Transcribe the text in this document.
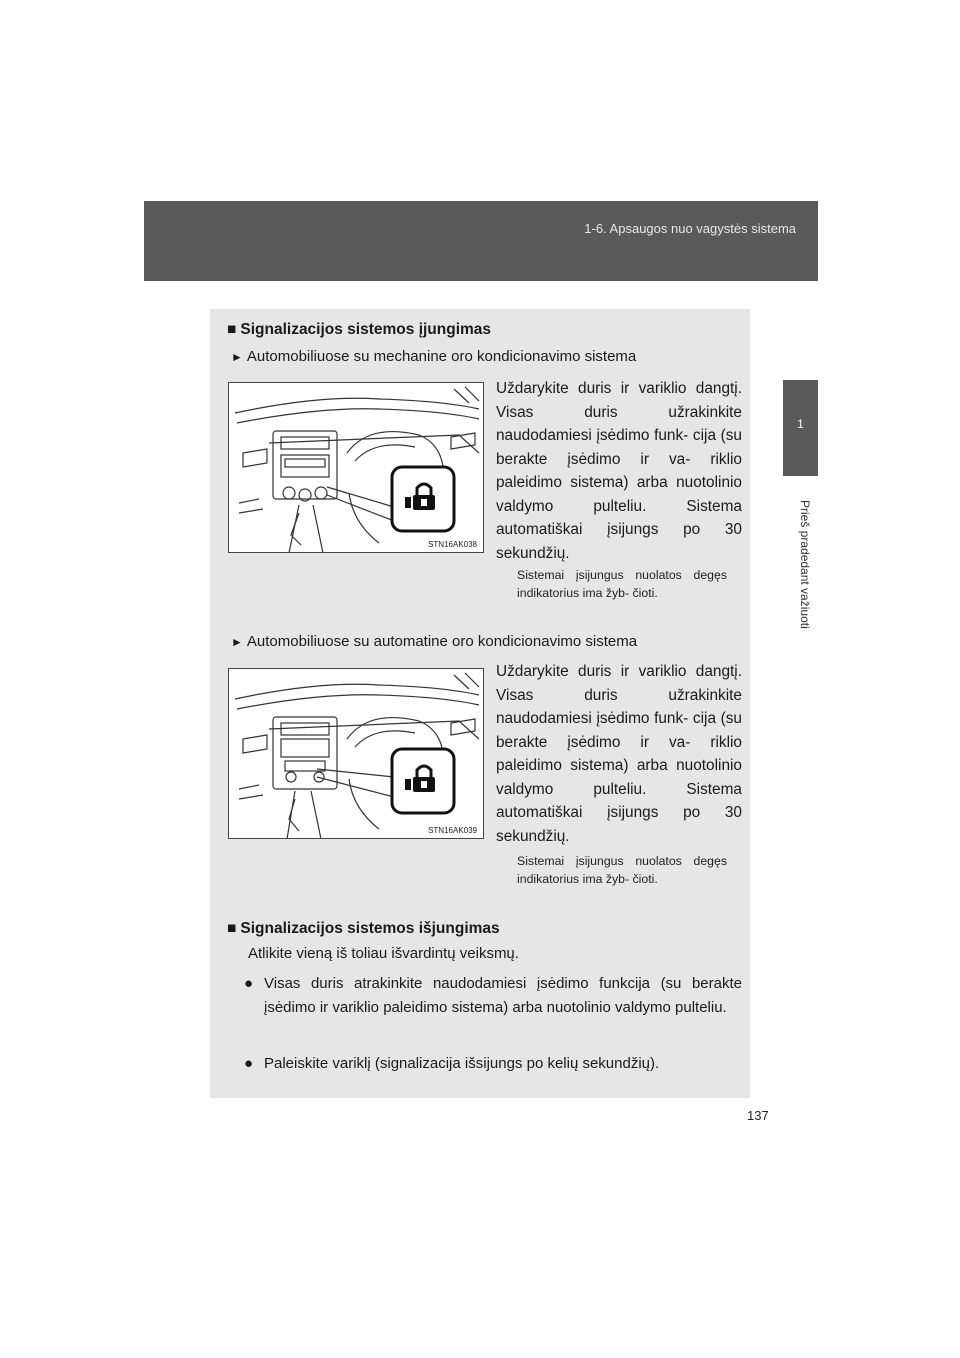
1-6. Apsaugos nuo vagystės sistema
1
Prieš pradedant važiuoti
■ Signalizacijos sistemos įjungimas
► Automobiliuose su mechanine oro kondicionavimo sistema
STN16AK038
Uždarykite duris ir variklio dangtį. Visas duris užrakinkite naudodamiesi įsėdimo funk- cija (su berakte įsėdimo ir va- riklio paleidimo sistema) arba nuotolinio valdymo pulteliu. Sistema automatiškai įsijungs po 30 sekundžių.
Sistemai įsijungus nuolatos degęs indikatorius ima žyb- čioti.
► Automobiliuose su automatine oro kondicionavimo sistema
STN16AK039
Uždarykite duris ir variklio dangtį. Visas duris užrakinkite naudodamiesi įsėdimo funk- cija (su berakte įsėdimo ir va- riklio paleidimo sistema) arba nuotolinio valdymo pulteliu. Sistema automatiškai įsijungs po 30 sekundžių.
Sistemai įsijungus nuolatos degęs indikatorius ima žyb- čioti.
■ Signalizacijos sistemos išjungimas
Atlikite vieną iš toliau išvardintų veiksmų.
● Visas duris atrakinkite naudodamiesi įsėdimo funkcija (su berakte įsėdimo ir variklio paleidimo sistema) arba nuotolinio valdymo pulteliu.
● Paleiskite variklį (signalizacija išsijungs po kelių sekundžių).
137
